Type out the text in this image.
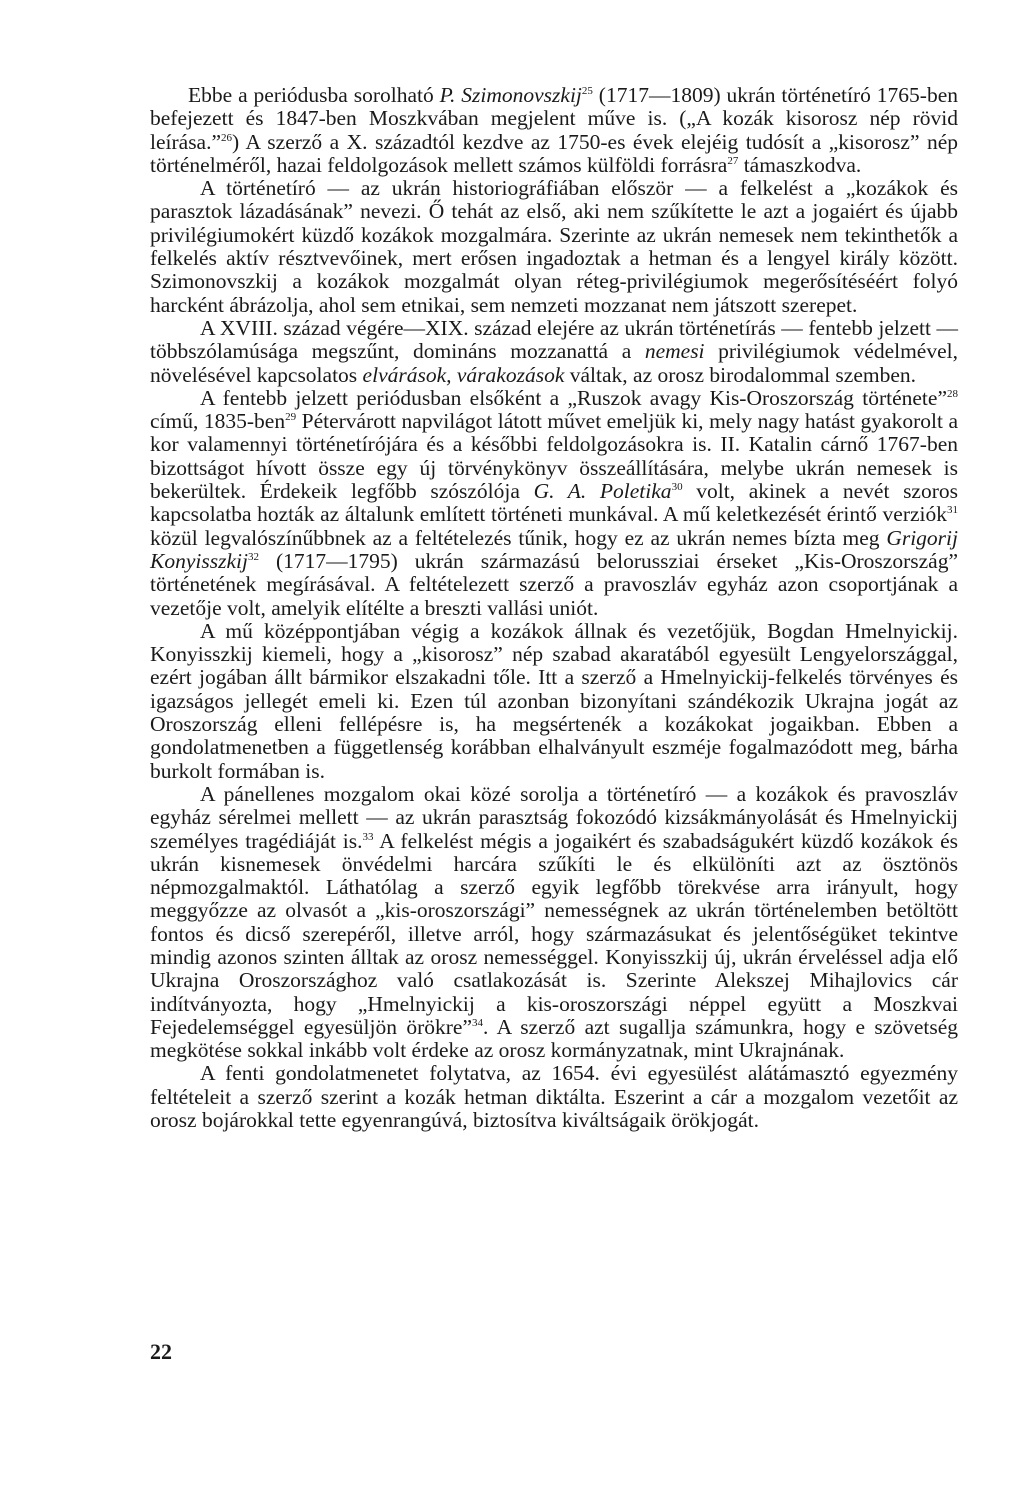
Ebbe a periódusba sorolható P. Szimonovszkij$^{25}$ (1717—1809) ukrán történetíró 1765-ben befejezett és 1847-ben Moszkvában megjelent művе is. („A kozák kisorosz nép rövid leírása.”$^{26}$) A szerző a X. századtól kezdve az 1750-es évek elejéig tudósít a „kisorosz” nép történelméről, hazai feldolgozások mellett számos külföldi forrásra$^{27}$ támaszkodva.

A történetíró — az ukrán historiográfiában először — a felkelést a „kozákok és parasztok lázadásának” nevezi. Ő tehát az első, aki nem szűkítette le azt a jogaiért és újabb privilégiumokért küzdő kozákok mozgalmára. Szerinte az ukrán nemesek nem tekinthetők a felkelés aktív résztvevőinek, mert erősen ingadoztak a hetman és a lengyel király között. Szimonovszkij a kozákok mozgalmát olyan réteg-privilégiumok megerősítéséért folyó harcként ábrázolja, ahol sem etnikai, sem nemzeti mozzanat nem játszott szerepet.

A XVIII. század végére—XIX. század elejére az ukrán történetírás — fentebb jelzett — többszólamúsága megszűnt, domináns mozzanattá a nemesi privilégiumok védelmével, növelésével kapcsolatos elvárások, várakozások váltak, az orosz birodalommal szemben.

A fentebb jelzett periódusban elsőként a „Ruszok avagy Kis-Oroszország története”$^{28}$ című, 1835-ben$^{29}$ Pétervárott napvilágot látott művet emeljük ki, mely nagy hatást gyakorolt a kor valamennyi történetírójára és a későbbi feldolgozásokra is. II. Katalin cárnő 1767-ben bizottságot hívott össze egy új törvénykönyv összeállítására, melybe ukrán nemesek is bekerültek. Érdekeik legfőbb szószólója G. A. Poletika$^{30}$ volt, akinek a nevét szoros kapcsolatba hozták az általunk említett történeti munkával. A mű keletkezését érintő verziók$^{31}$ közül legvalószínűbbnek az a feltételezés tűnik, hogy ez az ukrán nemes bízta meg Grigorij Konyisszkij$^{32}$ (1717—1795) ukrán származású belorussziai érseket „Kis-Oroszország” történetének megírásával. A feltételezett szerző a pravoszláv egyház azon csoportjának a vezetője volt, amelyik elítélte a breszti vallási uniót.

A mű középpontjában végig a kozákok állnak és vezetőjük, Bogdan Hmelnyickij. Konyisszkij kiemeli, hogy a „kisorosz” nép szabad akaratából egyesült Lengyelországgal, ezért jogában állt bármikor elszakadni tőle. Itt a szerző a Hmelnyickij-felkelés törvényes és igazságos jellegét emeli ki. Ezen túl azonban bizonyítani szándékozik Ukrajna jogát az Oroszország elleni fellépésre is, ha megsértenék a kozákokat jogaikban. Ebben a gondolatmenetben a függetlenség korábban elhalványult eszméje fogalmazódott meg, bárha burkolt formában is.

A pánellenes mozgalom okai közé sorolja a történetíró — a kozákok és pravoszláv egyház sérelmei mellett — az ukrán parasztság fokozódó kizsákmányolását és Hmelnyickij személyes tragédiáját is.$^{33}$ A felkelést mégis a jogaikért és szabadságukért küzdő kozákok és ukrán kisnemesek önvédelmi harcára szűkíti le és elkülöníti azt az ösztönös népmozgalmaktól. Láthatólag a szerző egyik legfőbb törekvése arra irányult, hogy meggyőzze az olvasót a „kis-oroszországi” nemességnek az ukrán történelemben betöltött fontos és dicső szerepéről, illetve arról, hogy származásukat és jelentőségüket tekintve mindig azonos szinten álltak az orosz nemességgel. Konyisszkij új, ukrán érveléssel adja elő Ukrajna Oroszországhoz való csatlakozását is. Szerinte Alekszej Mihajlovics cár indítványozta, hogy „Hmelnyickij a kis-oroszországi néppel együtt a Moszkvai Fejedelemséggel egyesüljön örökre”$^{34}$. A szerző azt sugallja számunkra, hogy e szövetség megkötése sokkal inkább volt érdeke az orosz kormányzatnak, mint Ukrajnának.

A fenti gondolatmenetet folytatva, az 1654. évi egyesülést alátámasztó egyezmény feltételeit a szerző szerint a kozák hetman diktálta. Eszerint a cár a mozgalom vezetőit az orosz bojárokkal tette egyenrangúvá, biztosítva kiváltságaik örökjogát.

22
